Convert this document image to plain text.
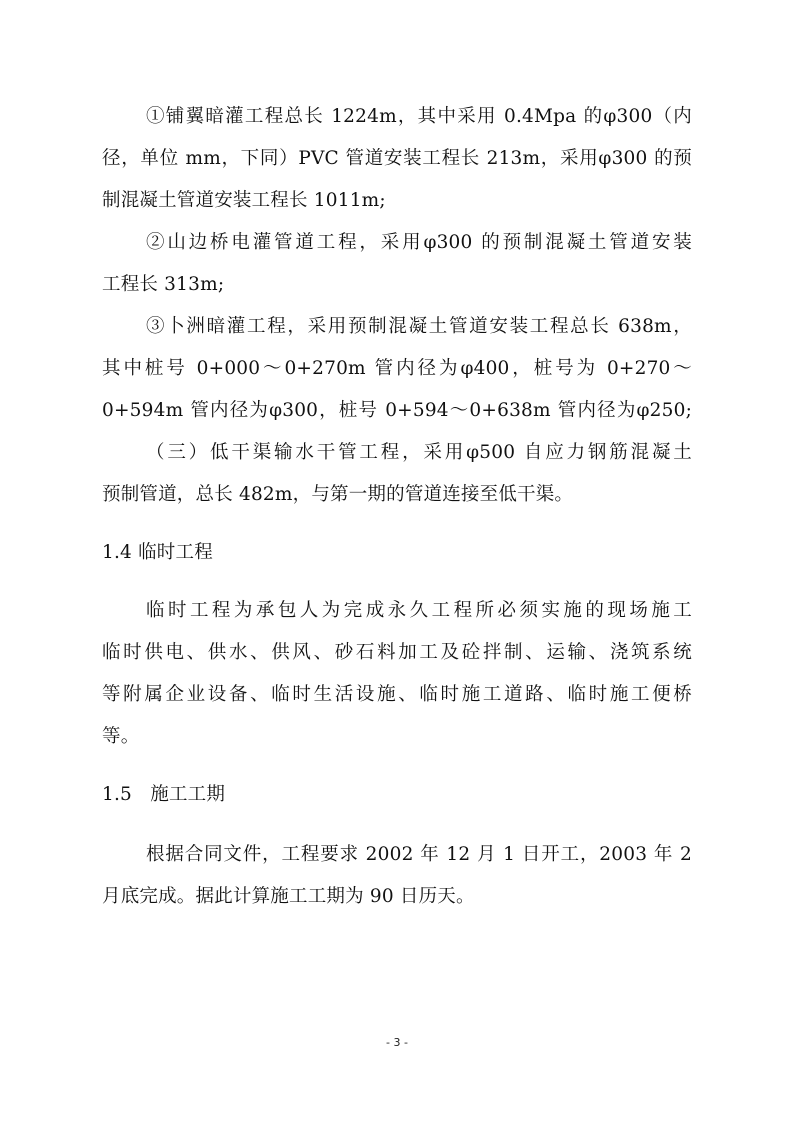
①铺翼暗灌工程总长 1224m，其中采用 0.4Mpa 的φ300（内
径，单位 mm，下同）PVC 管道安装工程长 213m，采用φ300 的预
制混凝土管道安装工程长 1011m;
②山边桥电灌管道工程，采用φ300 的预制混凝土管道安装
工程长 313m;
③卜洲暗灌工程，采用预制混凝土管道安装工程总长 638m，
其中桩号 0+000～0+270m 管内径为φ400，桩号为 0+270～
0+594m 管内径为φ300，桩号 0+594～0+638m 管内径为φ250;
（三）低干渠输水干管工程，采用φ500 自应力钢筋混凝土
预制管道，总长 482m，与第一期的管道连接至低干渠。
1.4 临时工程
临时工程为承包人为完成永久工程所必须实施的现场施工
临时供电、供水、供风、砂石料加工及砼拌制、运输、浇筑系统
等附属企业设备、临时生活设施、临时施工道路、临时施工便桥
等。
1.5   施工工期
根据合同文件，工程要求 2002 年 12 月 1 日开工，2003 年 2
月底完成。据此计算施工工期为 90 日历天。
- 3 -
